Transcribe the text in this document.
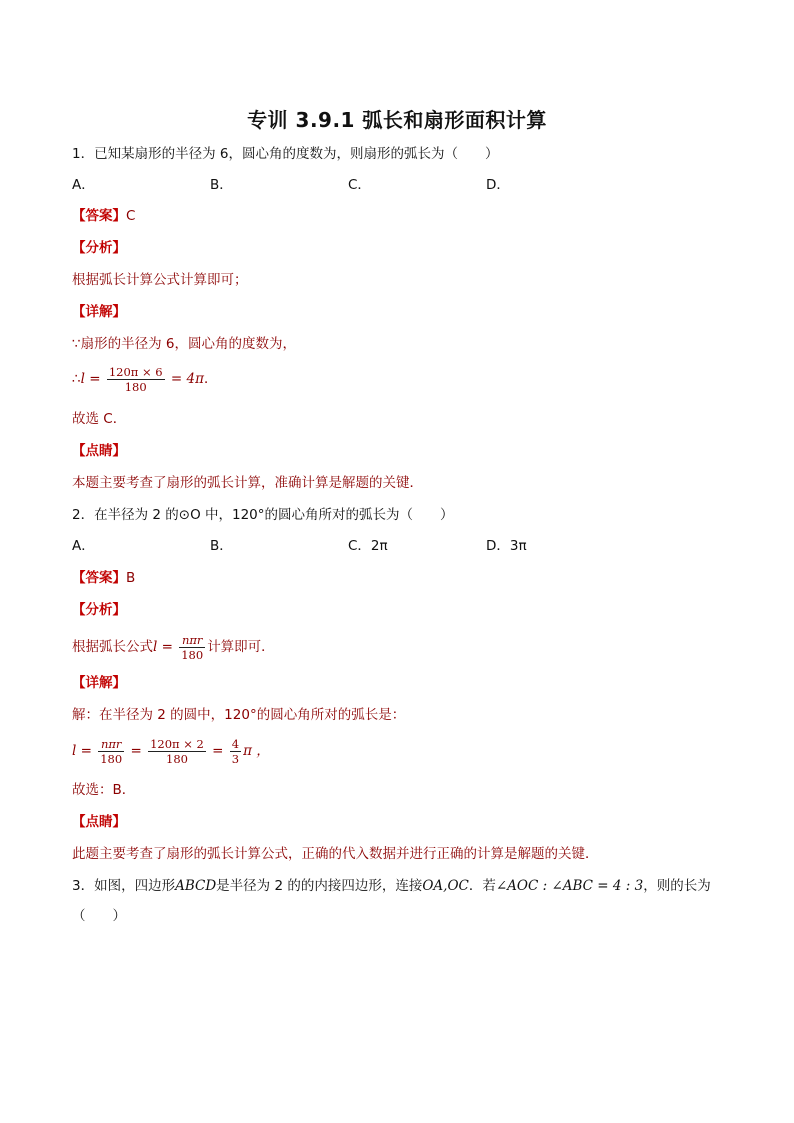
专训 3.9.1 弧长和扇形面积计算
1．已知某扇形的半径为 6，圆心角的度数为，则扇形的弧长为（　　）
A．	B．	C．	D．
【答案】C
【分析】
根据弧长计算公式计算即可；
【详解】
∵扇形的半径为 6，圆心角的度数为，
∴l = $\frac{120\pi \times 6}{180} = 4\pi$．
故选 C．
【点睛】
本题主要考查了扇形的弧长计算，准确计算是解题的关键．
2．在半径为 2 的⊙O 中，120°的圆心角所对的弧长为（　　）
A．	B．	C．2π	D．3π
【答案】B
【分析】
根据弧长公式$l = \frac{\text{nπr}}{180}$ 计算即可．
【详解】
解：在半径为 2 的圆中，120°的圆心角所对的弧长是：
$l = \frac{\text{nπr}}{180} = \frac{120\pi \times 2}{180} = \frac{4}{3}$ π ，
故选：B．
【点睛】
此题主要考查了扇形的弧长计算公式，正确的代入数据并进行正确的计算是解题的关键．
3．如图，四边形ABCD是半径为 2 的的内接四边形，连接OA,OC．若∠AOC : ∠ABC = 4 : 3，则的长为
（　　）
